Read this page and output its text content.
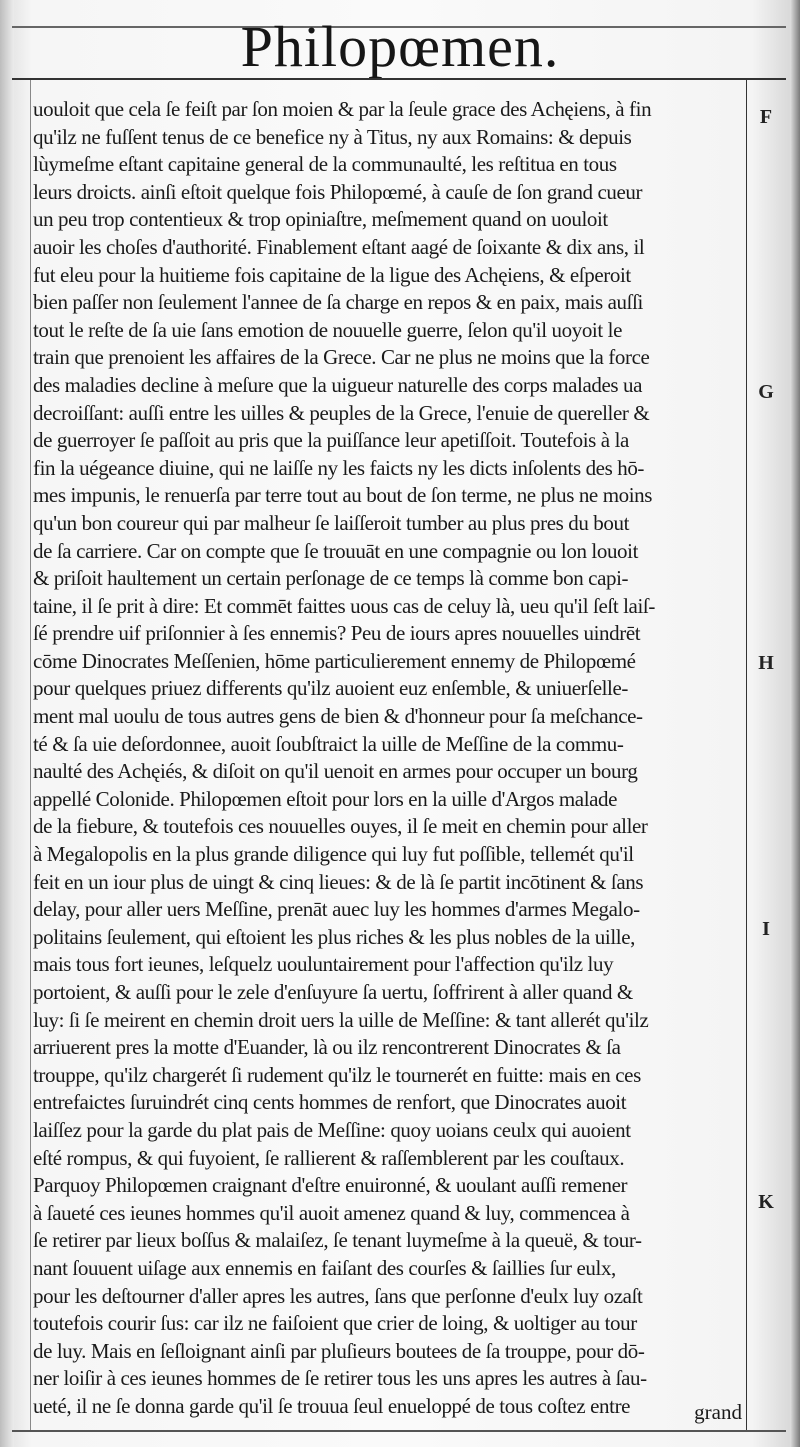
Philopœmen.
uouloit que cela ſe feiſt par ſon moien & par la ſeule grace des Achęiens, à fin
qu'ilz ne fuſſent tenus de ce benefice ny à Titus, ny aux Romains: & depuis
lùymeſme eſtant capitaine general de la communaulté, les reſtitua en tous
leurs droicts. ainſi eſtoit quelque fois Philopœmé, à cauſe de ſon grand cueur
un peu trop contentieux & trop opiniaſtre, meſmement quand on uouloit
auoir les choſes d'authorité. Finablement eſtant aagé de ſoixante & dix ans, il
fut eleu pour la huitieme fois capitaine de la ligue des Achęiens, & eſperoit
bien paſſer non ſeulement l'annee de ſa charge en repos & en paix, mais auſſi
tout le reſte de ſa uie ſans emotion de nouuelle guerre, ſelon qu'il uoyoit le
train que prenoient les affaires de la Grece. Car ne plus ne moins que la force
des maladies decline à meſure que la uigueur naturelle des corps malades ua
decroiſſant: auſſi entre les uilles & peuples de la Grece, l'enuie de quereller &
de guerroyer ſe paſſoit au pris que la puiſſance leur apetiſſoit. Toutefois à la
fin la uégeance diuine, qui ne laiſſe ny les faicts ny les dicts inſolents des hō-
mes impunis, le renuerſa par terre tout au bout de ſon terme, ne plus ne moins
qu'un bon coureur qui par malheur ſe laiſſeroit tumber au plus pres du bout
de ſa carriere. Car on compte que ſe trouuāt en une compagnie ou lon louoit
& priſoit haultement un certain perſonage de ce temps là comme bon capi-
taine, il ſe prit à dire: Et commēt faittes uous cas de celuy là, ueu qu'il ſeſt laiſ-
ſé prendre uif priſonnier à ſes ennemis? Peu de iours apres nouuelles uindrēt
cōme Dinocrates Meſſenien, hōme particulierement ennemy de Philopœmé
pour quelques priuez differents qu'ilz auoient euz enſemble, & uniuerſelle-
ment mal uoulu de tous autres gens de bien & d'honneur pour ſa meſchance-
té & ſa uie deſordonnee, auoit ſoubſtraict la uille de Meſſine de la commu-
naulté des Achęiés, & diſoit on qu'il uenoit en armes pour occuper un bourg
appellé Colonide. Philopœmen eſtoit pour lors en la uille d'Argos malade
de la fiebure, & toutefois ces nouuelles ouyes, il ſe meit en chemin pour aller
à Megalopolis en la plus grande diligence qui luy fut poſſible, tellemét qu'il
feit en un iour plus de uingt & cinq lieues: & de là ſe partit incōtinent & ſans
delay, pour aller uers Meſſine, prenāt auec luy les hommes d'armes Megalo-
politains ſeulement, qui eſtoient les plus riches & les plus nobles de la uille,
mais tous fort ieunes, leſquelz uouluntairement pour l'affection qu'ilz luy
portoient, & auſſi pour le zele d'enſuyure ſa uertu, ſoffrirent à aller quand &
luy: ſi ſe meirent en chemin droit uers la uille de Meſſine: & tant allerét qu'ilz
arriuerent pres la motte d'Euander, là ou ilz rencontrerent Dinocrates & ſa
trouppe, qu'ilz chargerét ſi rudement qu'ilz le tournerét en fuitte: mais en ces
entrefaictes ſuruindrét cinq cents hommes de renfort, que Dinocrates auoit
laiſſez pour la garde du plat pais de Meſſine: quoy uoians ceulx qui auoient
eſté rompus, & qui fuyoient, ſe rallierent & raſſemblerent par les couſtaux.
Parquoy Philopœmen craignant d'eſtre enuironné, & uoulant auſſi remener
à ſaueté ces ieunes hommes qu'il auoit amenez quand & luy, commencea à
ſe retirer par lieux boſſus & malaiſez, ſe tenant luymeſme à la queuë, & tour-
nant ſouuent uiſage aux ennemis en faiſant des courſes & ſaillies ſur eulx,
pour les deſtourner d'aller apres les autres, ſans que perſonne d'eulx luy ozaſt
toutefois courir ſus: car ilz ne faiſoient que crier de loing, & uoltiger au tour
de luy. Mais en ſeſloignant ainſi par pluſieurs boutees de ſa trouppe, pour dō-
ner loiſir à ces ieunes hommes de ſe retirer tous les uns apres les autres à ſau-
ueté, il ne ſe donna garde qu'il ſe trouua ſeul enueloppé de tous coſtez entre
F
G
H
I
K
grand
